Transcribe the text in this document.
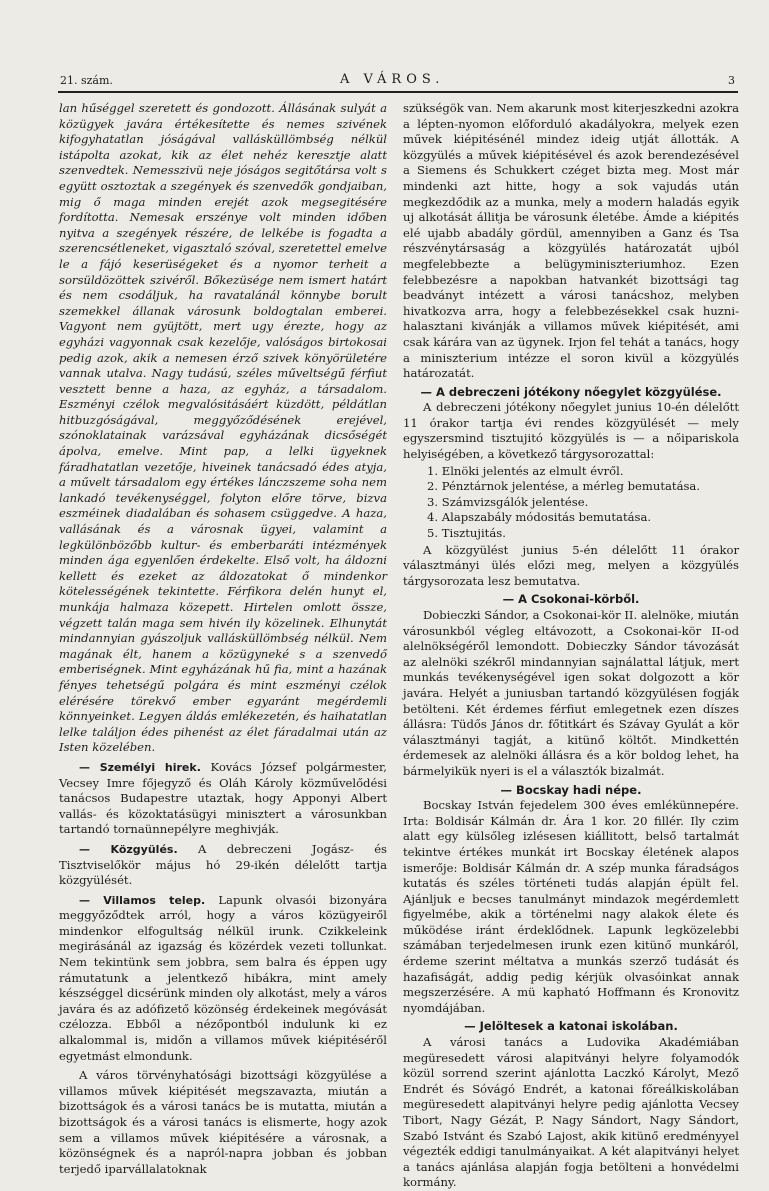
21. szám.	A VÁROS.	3

lan hűséggel szeretett és gondozott. Állásának sulyát a közügyek javára értékesítette és nemes szivének kifogyhatatlan jóságával vallásküllömbség nélkül istápolta azokat, kik az élet nehéz keresztje alatt szenvedtek. Nemesszivü neje jóságos segitőtársa volt s együtt osztoztak a szegények és szenvedők gondjaiban, mig ő maga minden erejét azok megsegitésére fordította. Nemesak erszénye volt minden időben nyitva a szegények részére, de lelkébe is fogadta a szerencsétleneket, vigasztaló szóval, szeretettel emelve le a fájó keserüségeket és a nyomor terheit a sorsüldözöttek szivéről. Bőkezüsége nem ismert határt és nem csodáljuk, ha ravatalánál könnybe borult szemekkel állanak városunk boldogtalan emberei. Vagyont nem gyüjtött, mert ugy érezte, hogy az egyházi vagyonnak csak kezelője, valóságos birtokosai pedig azok, akik a nemesen érző szivek könyörületére vannak utalva. Nagy tudású, széles műveltségű férfiut vesztett benne a haza, az egyház, a társadalom. Eszményi czélok megvalósitásáért küzdött, példátlan hitbuzgóságával, meggyőződésének erejével, szónoklatainak varázsával egyházának dicsőségét ápolva, emelve. Mint pap, a lelki ügyeknek fáradhatatlan vezetője, hiveinek tanácsadó édes atyja, a művelt társadalom egy értékes lánczszeme soha nem lankadó tevékenységgel, folyton előre törve, bizva eszméinek diadalában és sohasem csüggedve. A haza, vallásának és a városnak ügyei, valamint a legkülönbözőbb kultur- és emberbaráti intézmények minden ága egyenlően érdekelte. Első volt, ha áldozni kellett és ezeket az áldozatokat ő mindenkor kötelességének tekintette. Férfikora delén hunyt el, munkája halmaza közepett. Hirtelen omlott össze, végzett talán maga sem hivén ily közelinek. Elhunytát mindannyian gyászoljuk vallásküllömbség nélkül. Nem magának élt, hanem a közügyneké s a szenvedő emberiségnek. Mint egyházának hű fia, mint a hazának fényes tehetségű polgára és mint eszményi czélok elérésére törekvő ember egyaránt megérdemli könnyeinket. Legyen áldás emlékezetén, és haihatatlan lelke találjon édes pihenést az élet fáradalmai után az Isten közelében.

— Személyi hirek. Kovács József polgármester, Vecsey Imre főjegyző és Oláh Károly közművelődési tanácsos Budapestre utaztak, hogy Apponyi Albert vallás- és közoktatásügyi minisztert a városunkban tartandó tornaünnepélyre meghivják.

— Közgyülés. A debreczeni Jogász- és Tisztviselőkör május hó 29-ikén délelőtt tartja közgyülését.

— Villamos telep. Lapunk olvasói bizonyára meggyőződtek arról, hogy a város közügyeiről mindenkor elfogultság nélkül irunk. Czikkeleink megirásánál az igazság és közérdek vezeti tollunkat. Nem tekintünk sem jobbra, sem balra és éppen ugy rámutatunk a jelentkező hibákra, mint amely készséggel dicsérünk minden oly alkotást, mely a város javára és az adófizető közönség érdekeinek megóvását czélozza. Ebből a nézőpontból indulunk ki ez alkalommal is, midőn a villamos művek kiépitéséről egyetmást elmondunk.

A város törvényhatósági bizottsági közgyülése a villamos művek kiépitését megszavazta, miután a bizottságok és a városi tanács be is mutatta, miután a bizottságok és a városi tanács is elismerte, hogy azok sem a villamos művek kiépitésére a városnak, a közönségnek és a napról-napra jobban és jobban terjedő iparvállalatoknak

szükségök van. Nem akarunk most kiterjeszkedni azokra a lépten-nyomon előforduló akadályokra, melyek ezen művek kiépitésénél mindez ideig utját állották. A közgyülés a művek kiépitésével és azok berendezésével a Siemens és Schukkert czéget bizta meg. Most már mindenki azt hitte, hogy a sok vajudás után megkezdődik az a munka, mely a modern haladás egyik uj alkotását állitja be városunk életébe. Ámde a kiépités elé ujabb abadály gördül, amennyiben a Ganz és Tsa részvénytársaság a közgyülés határozatát ujból megfelebbezte a belügyminiszteriumhoz. Ezen felebbezésre a napokban hatvankét bizottsági tag beadványt intézett a városi tanácshoz, melyben hivatkozva arra, hogy a felebbezésekkel csak huzni-halasztani kivánják a villamos művek kiépitését, ami csak kárára van az ügynek. Irjon fel tehát a tanács, hogy a miniszterium intézze el soron kivül a közgyülés határozatát.

— A debreczeni jótékony nőegylet közgyülése.

A debreczeni jótékony nőegylet junius 10-én délelőtt 11 órakor tartja évi rendes közgyülését — mely egyszersmind tisztujitó közgyülés is — a nőipariskola helyiségében, a következő tárgysorozattal:

1. Elnöki jelentés az elmult évről.
2. Pénztárnok jelentése, a mérleg bemutatása.
3. Számvizsgálók jelentése.
4. Alapszabály módositás bemutatása.
5. Tisztujitás.

A közgyülést junius 5-én délelőtt 11 órakor választmányi ülés előzi meg, melyen a közgyülés tárgysorozata lesz bemutatva.

— A Csokonai-körből.

Dobieczki Sándor, a Csokonai-kör II. alelnöke, miután városunkból végleg eltávozott, a Csokonai-kör II-od alelnökségéről lemondott. Dobieczky Sándor távozását az alelnöki székről mindannyian sajnálattal látjuk, mert munkás tevékenységével igen sokat dolgozott a kör javára. Helyét a juniusban tartandó közgyülésen fogják betölteni. Két érdemes férfiut emlegetnek ezen díszes állásra: Tüdős János dr. főtitkárt és Szávay Gyulát a kör választmányi tagját, a kitünő költőt. Mindkettén érdemesek az alelnöki állásra és a kör boldog lehet, ha bármelyikük nyeri is el a választók bizalmát.

— Bocskay hadi népe.

Bocskay István fejedelem 300 éves emlékünnepére. Irta: Boldisár Kálmán dr. Ára 1 kor. 20 fillér. Ily czim alatt egy külsőleg izlésesen kiállitott, belső tartalmát tekintve értékes munkát irt Bocskay életének alapos ismerője: Boldisár Kálmán dr. A szép munka fáradságos kutatás és széles történeti tudás alapján épült fel. Ajánljuk e becses tanulmányt mindazok megérdemlett figyelmébe, akik a történelmi nagy alakok élete és működése iránt érdeklődnek. Lapunk legközelebbi számában terjedelmesen irunk ezen kitünő munkáról, érdeme szerint méltatva a munkás szerző tudását és hazafiságát, addig pedig kérjük olvasóinkat annak megszerzésére. A mü kapható Hoffmann és Kronovitz nyomdájában.

— Jelöltesek a katonai iskolában.

A városi tanács a Ludovika Akadémiában megüresedett városi alapitványi helyre folyamodók közül sorrend szerint ajánlotta Laczkó Károlyt, Mező Endrét és Sóvágó Endrét, a katonai főreálkiskolában megüresedett alapitványi helyre pedig ajánlotta Vecsey Tibort, Nagy Gézát, P. Nagy Sándort, Nagy Sándort, Szabó Istvánt és Szabó Lajost, akik kitünő eredményyel végezték eddigi tanulmányaikat. A két alapitványi helyet a tanács ajánlása alapján fogja betölteni a honvédelmi kormány.
